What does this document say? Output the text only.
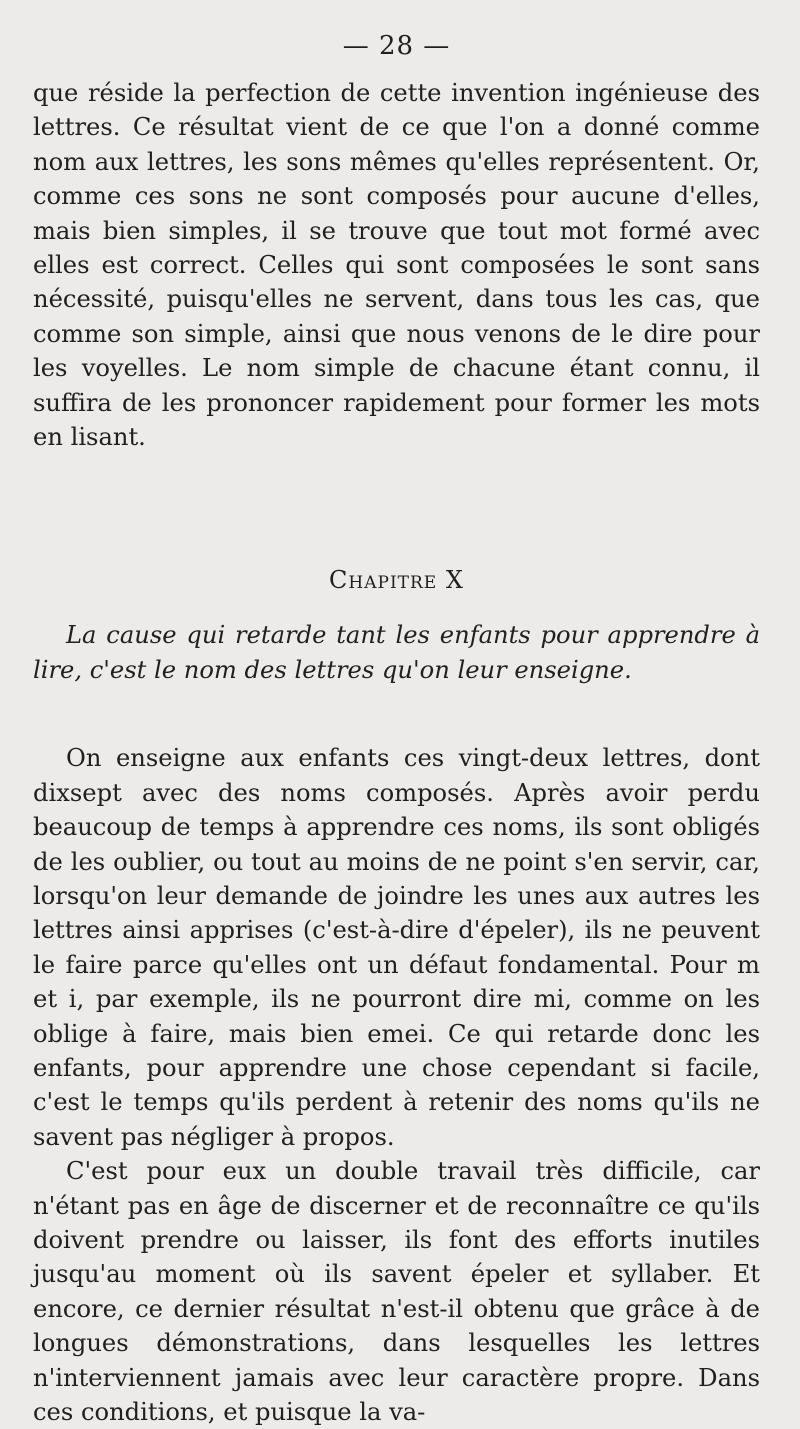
— 28 —

que réside la perfection de cette invention ingénieuse des lettres. Ce résultat vient de ce que l'on a donné comme nom aux lettres, les sons mêmes qu'elles représentent. Or, comme ces sons ne sont composés pour aucune d'elles, mais bien simples, il se trouve que tout mot formé avec elles est correct. Celles qui sont composées le sont sans nécessité, puisqu'elles ne servent, dans tous les cas, que comme son simple, ainsi que nous venons de le dire pour les voyelles. Le nom simple de chacune étant connu, il suffira de les prononcer rapidement pour former les mots en lisant.

Chapitre X

La cause qui retarde tant les enfants pour apprendre à lire, c'est le nom des lettres qu'on leur enseigne.

On enseigne aux enfants ces vingt-deux lettres, dont dixsept avec des noms composés. Après avoir perdu beaucoup de temps à apprendre ces noms, ils sont obligés de les oublier, ou tout au moins de ne point s'en servir, car, lorsqu'on leur demande de joindre les unes aux autres les lettres ainsi apprises (c'est-à-dire d'épeler), ils ne peuvent le faire parce qu'elles ont un défaut fondamental. Pour m et i, par exemple, ils ne pourront dire mi, comme on les oblige à faire, mais bien emei. Ce qui retarde donc les enfants, pour apprendre une chose cependant si facile, c'est le temps qu'ils perdent à retenir des noms qu'ils ne savent pas négliger à propos.

C'est pour eux un double travail très difficile, car n'étant pas en âge de discerner et de reconnaître ce qu'ils doivent prendre ou laisser, ils font des efforts inutiles jusqu'au moment où ils savent épeler et syllaber. Et encore, ce dernier résultat n'est-il obtenu que grâce à de longues démonstrations, dans lesquelles les lettres n'interviennent jamais avec leur caractère propre. Dans ces conditions, et puisque la va-
